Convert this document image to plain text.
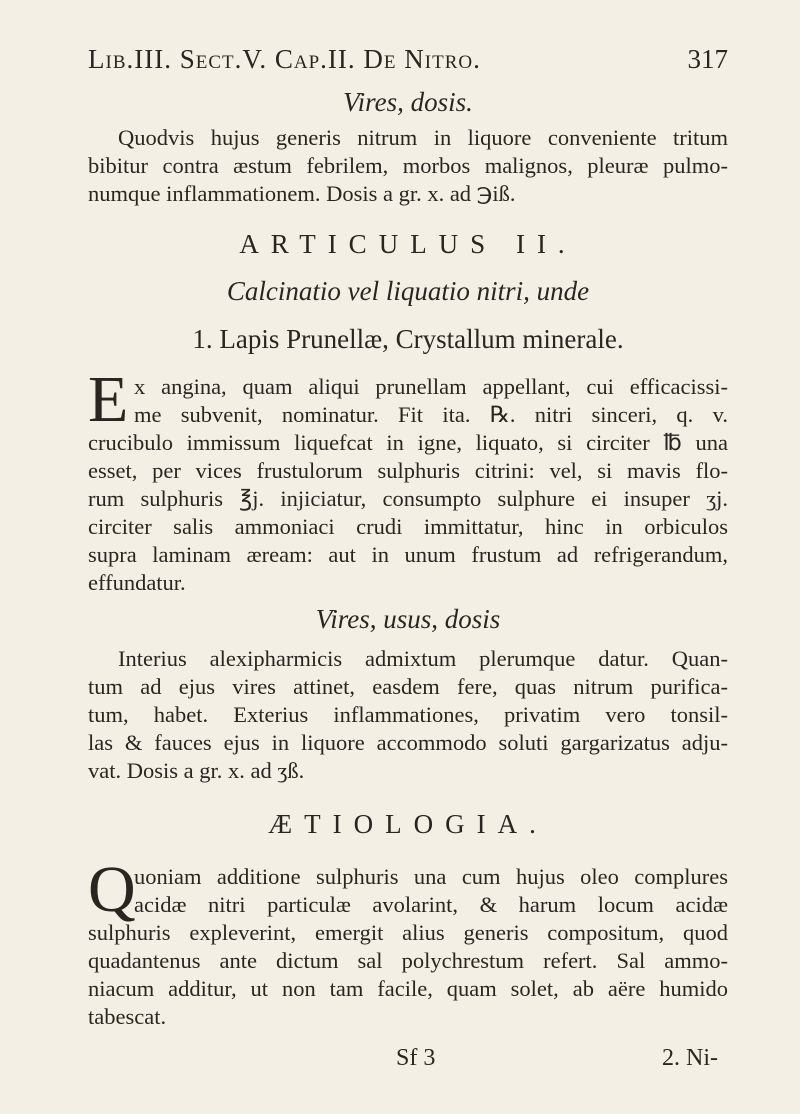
Lib.III. Sect.V. Cap.II. De Nitro.	317
Vires, dosis.
Quodvis hujus generis nitrum in liquore conveniente tritum
bibitur contra æstum febrilem, morbos malignos, pleuræ pulmo-
numque inflammationem. Dosis a gr. x. ad ℈iß.
ARTICULUS II.
Calcinatio vel liquatio nitri, unde
1. Lapis Prunellæ, Crystallum minerale.
E x angina, quam aliqui prunellam appellant, cui efficacissi-
me subvenit, nominatur. Fit ita. ℞. nitri sinceri, q. v.
crucibulo immissum liquefcat in igne, liquato, si circiter ℔ una
esset, per vices frustulorum sulphuris citrini: vel, si mavis flo-
rum sulphuris ℥j. injiciatur, consumpto sulphure ei insuper ʒj.
circiter salis ammoniaci crudi immittatur, hinc in orbiculos
supra laminam æream: aut in unum frustum ad refrigerandum,
effundatur.
Vires, usus, dosis
Interius alexipharmicis admixtum plerumque datur. Quan-
tum ad ejus vires attinet, easdem fere, quas nitrum purifica-
tum, habet. Exterius inflammationes, privatim vero tonsil-
las & fauces ejus in liquore accommodo soluti gargarizatus adju-
vat. Dosis a gr. x. ad ʒß.
ÆTIOLOGIA.
Q
uoniam additione sulphuris una cum hujus oleo complures
acidæ nitri particulæ avolarint, & harum locum acidæ
sulphuris expleverint, emergit alius generis compositum, quod
quadantenus ante dictum sal polychrestum refert. Sal ammo-
niacum additur, ut non tam facile, quam solet, ab aëre humido
tabescat.
Sf 3	2. Ni-
